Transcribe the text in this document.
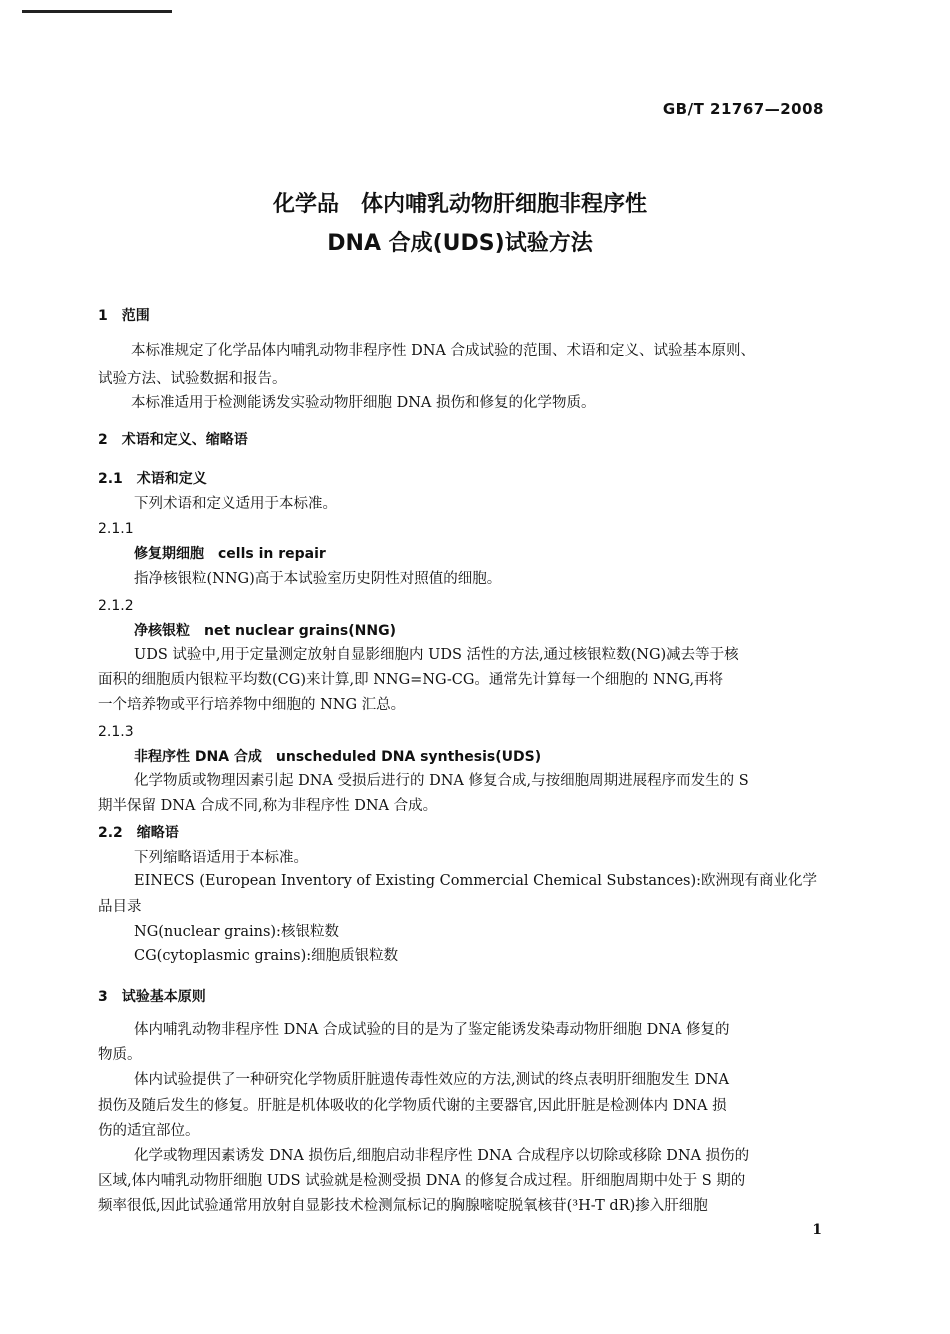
GB/T 21767—2008
化学品　体内哺乳动物肝细胞非程序性
DNA 合成(UDS)试验方法
1　范围
本标准规定了化学品体内哺乳动物非程序性 DNA 合成试验的范围、术语和定义、试验基本原则、
试验方法、试验数据和报告。
本标准适用于检测能诱发实验动物肝细胞 DNA 损伤和修复的化学物质。
2　术语和定义、缩略语
2.1　术语和定义
下列术语和定义适用于本标准。
2.1.1
修复期细胞　cells in repair
指净核银粒(NNG)高于本试验室历史阴性对照值的细胞。
2.1.2
净核银粒　net nuclear grains(NNG)
UDS 试验中,用于定量测定放射自显影细胞内 UDS 活性的方法,通过核银粒数(NG)减去等于核
面积的细胞质内银粒平均数(CG)来计算,即 NNG=NG-CG。通常先计算每一个细胞的 NNG,再将
一个培养物或平行培养物中细胞的 NNG 汇总。
2.1.3
非程序性 DNA 合成　unscheduled DNA synthesis(UDS)
化学物质或物理因素引起 DNA 受损后进行的 DNA 修复合成,与按细胞周期进展程序而发生的 S
期半保留 DNA 合成不同,称为非程序性 DNA 合成。
2.2　缩略语
下列缩略语适用于本标准。
EINECS (European Inventory of Existing Commercial Chemical Substances):欧洲现有商业化学
品目录
NG(nuclear grains):核银粒数
CG(cytoplasmic grains):细胞质银粒数
3　试验基本原则
体内哺乳动物非程序性 DNA 合成试验的目的是为了鉴定能诱发染毒动物肝细胞 DNA 修复的
物质。
体内试验提供了一种研究化学物质肝脏遗传毒性效应的方法,测试的终点表明肝细胞发生 DNA
损伤及随后发生的修复。肝脏是机体吸收的化学物质代谢的主要器官,因此肝脏是检测体内 DNA 损
伤的适宜部位。
化学或物理因素诱发 DNA 损伤后,细胞启动非程序性 DNA 合成程序以切除或移除 DNA 损伤的
区域,体内哺乳动物肝细胞 UDS 试验就是检测受损 DNA 的修复合成过程。肝细胞周期中处于 S 期的
频率很低,因此试验通常用放射自显影技术检测氚标记的胸腺嘧啶脱氧核苷(³H-T dR)掺入肝细胞
1
